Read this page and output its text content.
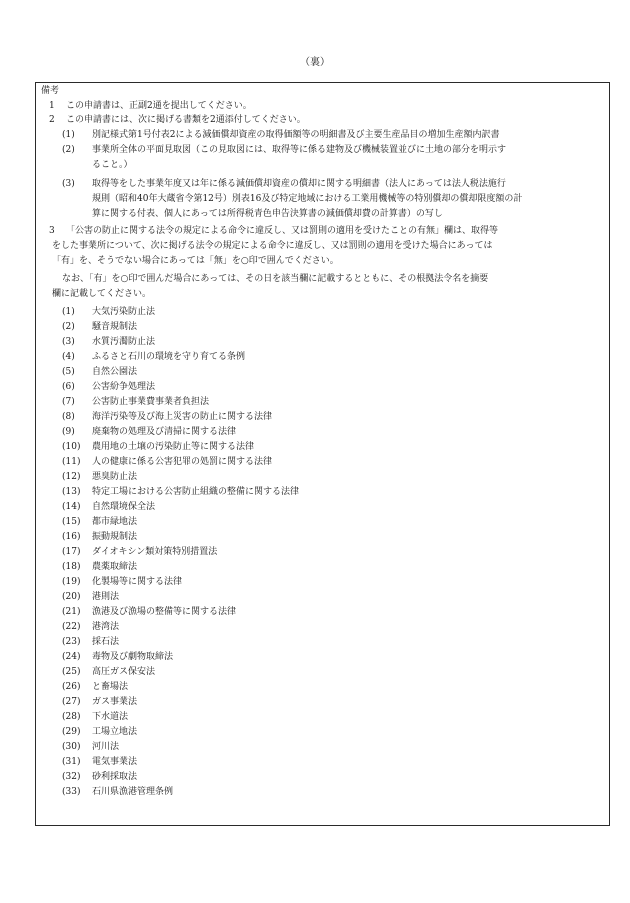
（裏）
備考
1 この申請書は、正副2通を提出してください。
2 この申請書には、次に掲げる書類を2通添付してください。
(1) 別記様式第1号付表2による減価償却資産の取得価額等の明細書及び主要生産品目の増加生産額内訳書
(2) 事業所全体の平面見取図（この見取図には、取得等に係る建物及び機械装置並びに土地の部分を明示す
ること。）
(3) 取得等をした事業年度又は年に係る減価償却資産の償却に関する明細書（法人にあっては法人税法施行
規則（昭和40年大蔵省令第12号）別表16及び特定地域における工業用機械等の特別償却の償却限度額の計
算に関する付表、個人にあっては所得税青色申告決算書の減価償却費の計算書）の写し
3 「公害の防止に関する法令の規定による命令に違反し、又は罰則の適用を受けたことの有無」欄は、取得等
をした事業所について、次に掲げる法令の規定による命令に違反し、又は罰則の適用を受けた場合にあっては
「有」を、そうでない場合にあっては「無」を○印で囲んでください。
なお、「有」を○印で囲んだ場合にあっては、その日を該当欄に記載するとともに、その根拠法令名を摘要
欄に記載してください。
(1)	大気汚染防止法
(2)	騒音規制法
(3)	水質汚濁防止法
(4)	ふるさと石川の環境を守り育てる条例
(5)	自然公園法
(6)	公害紛争処理法
(7)	公害防止事業費事業者負担法
(8)	海洋汚染等及び海上災害の防止に関する法律
(9)	廃棄物の処理及び清掃に関する法律
(10)	農用地の土壌の汚染防止等に関する法律
(11)	人の健康に係る公害犯罪の処罰に関する法律
(12)	悪臭防止法
(13)	特定工場における公害防止組織の整備に関する法律
(14)	自然環境保全法
(15)	都市緑地法
(16)	振動規制法
(17)	ダイオキシン類対策特別措置法
(18)	農薬取締法
(19)	化製場等に関する法律
(20)	港則法
(21)	漁港及び漁場の整備等に関する法律
(22)	港湾法
(23)	採石法
(24)	毒物及び劇物取締法
(25)	高圧ガス保安法
(26)	と畜場法
(27)	ガス事業法
(28)	下水道法
(29)	工場立地法
(30)	河川法
(31)	電気事業法
(32)	砂利採取法
(33)	石川県漁港管理条例
